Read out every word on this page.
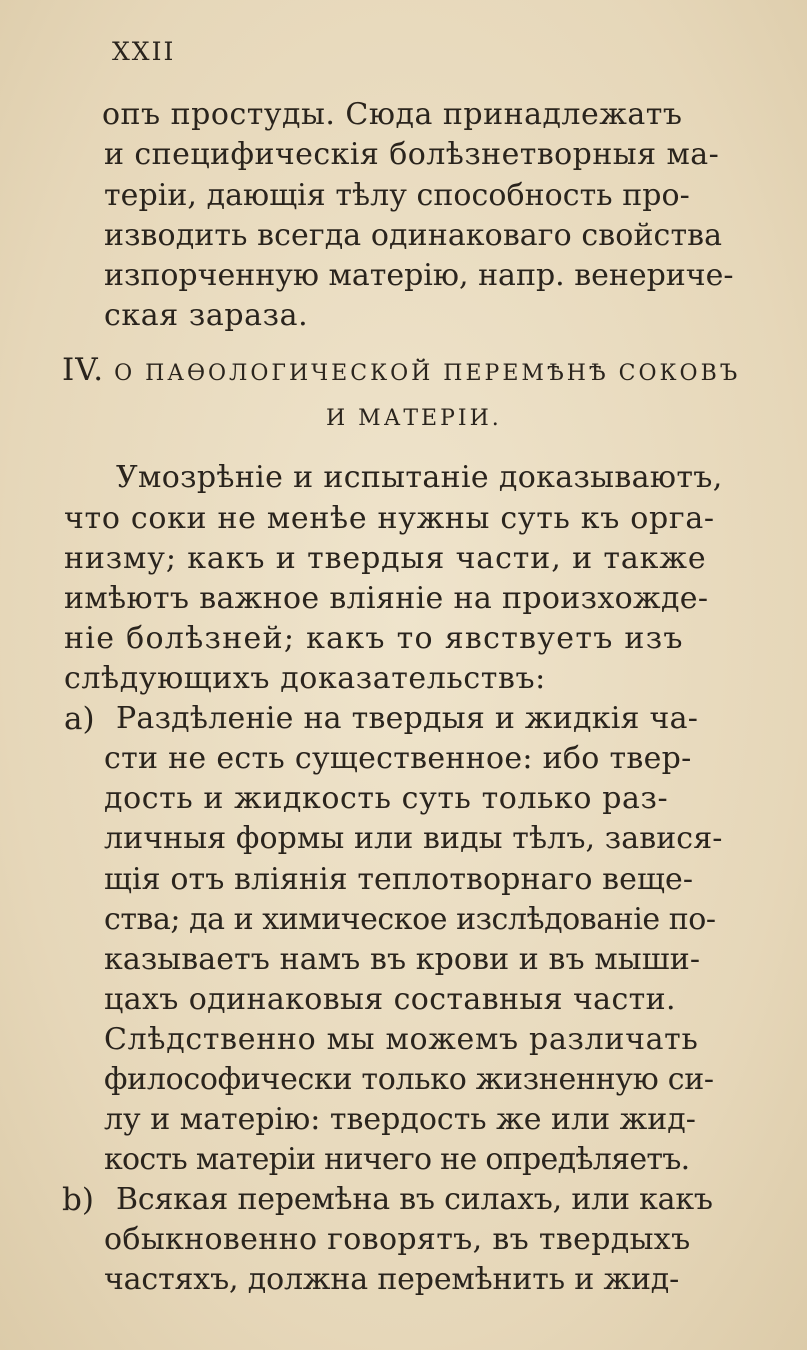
XXII
опъ простуды. Сюда принадлежатъ
и специфическія болѣзнетворныя ма-
теріи, дающія тѣлу способность про-
изводить всегда одинаковаго свойства
изпорченную матерію, напр. венериче-
ская зараза.
IV. О ПАѲОЛОГИЧЕСКОЙ ПЕРЕМѢНѢ СОКОВЪ
И МАТЕРІИ.
Умозрѣніе и испытаніе доказываютъ,
что соки не менѣе нужны суть къ орга-
низму; какъ и твердыя части, и также
имѣютъ важное вліяніе на произхожде-
ніе болѣзней; какъ то явствуетъ изъ
слѣдующихъ доказательствъ:
a) Раздѣленіе на твердыя и жидкія ча-
сти не есть существенное: ибо твер-
дость и жидкость суть только раз-
личныя формы или виды тѣлъ, завися-
щія отъ вліянія теплотворнаго веще-
ства; да и химическое изслѣдованіе по-
казываетъ намъ въ крови и въ мыши-
цахъ одинаковыя составныя части.
Слѣдственно мы можемъ различать
философически только жизненную си-
лу и матерію: твердость же или жид-
кость матеріи ничего не опредѣляетъ.
b) Всякая перемѣна въ силахъ, или какъ
обыкновенно говорятъ, въ твердыхъ
частяхъ, должна перемѣнить и жид-
